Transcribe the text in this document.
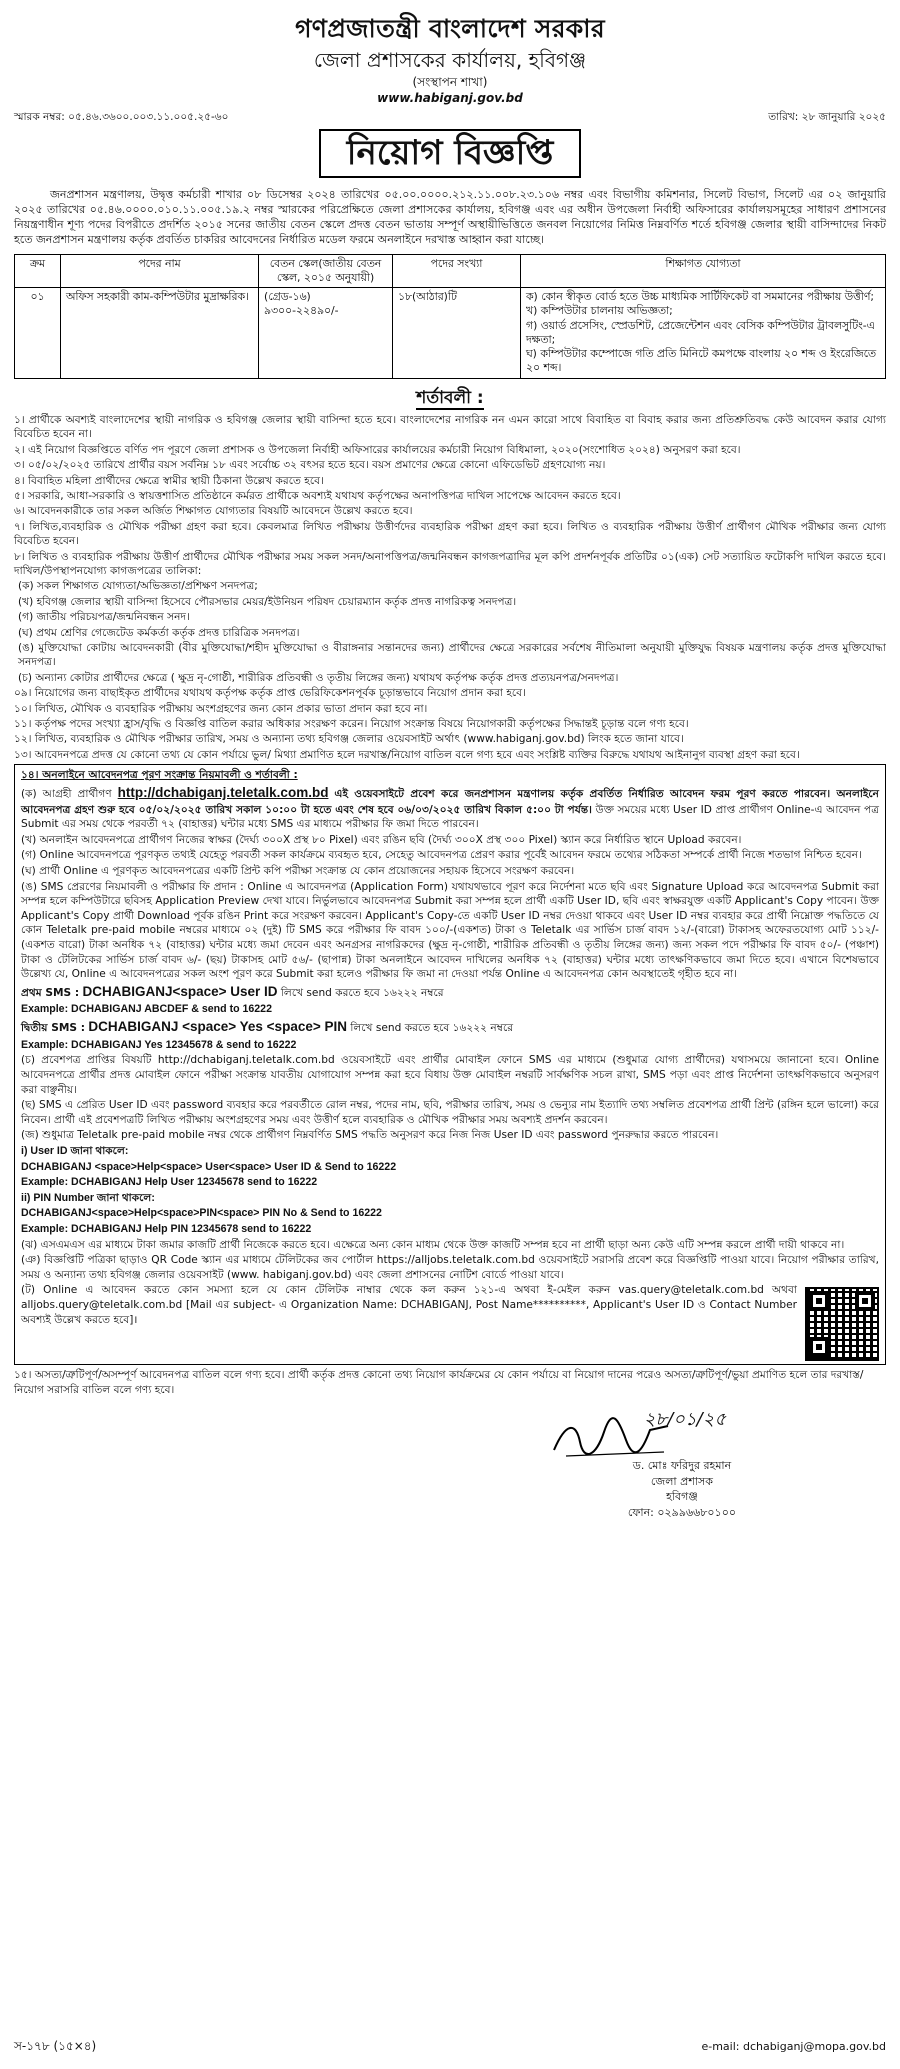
গণপ্রজাতন্ত্রী বাংলাদেশ সরকার
জেলা প্রশাসকের কার্যালয়, হবিগঞ্জ
(সংস্থাপন শাখা)
www.habiganj.gov.bd
স্মারক নম্বর: ০৫.৪৬.৩৬০০.০০৩.১১.০০৫.২৫-৬০	তারিখ: ২৮ জানুয়ারি ২০২৫
নিয়োগ বিজ্ঞপ্তি

জনপ্রশাসন মন্ত্রণালয়, উদ্বৃত্ত কর্মচারী শাখার ০৮ ডিসেম্বর ২০২৪ তারিখের ০৫.০০.০০০০.২১২.১১.০০৮.২৩.১০৬ নম্বর এবং বিভাগীয় কমিশনার, সিলেট বিভাগ, সিলেট এর ০২ জানুয়ারি ২০২৫ তারিখের ০৫.৪৬.০০০০.০১০.১১.০০৫.১৯.২ নম্বর স্মারকের পরিপ্রেক্ষিতে জেলা প্রশাসকের কার্যালয়, হবিগঞ্জ এবং এর অধীন উপজেলা নির্বাহী অফিসারের কার্যালয়সমূহের সাধারণ প্রশাসনের নিয়ন্ত্রণাধীন শূণ্য পদের বিপরীতে প্রদর্শিত ২০১৫ সনের জাতীয় বেতন স্কেলে প্রদত্ত বেতন ভাতায় সম্পূর্ণ অস্থায়ীভিত্তিতে জনবল নিয়োগের নিমিত্ত নিম্নবর্ণিত শর্তে হবিগঞ্জ জেলার স্থায়ী বাসিন্দাদের নিকট হতে জনপ্রশাসন মন্ত্রণালয় কর্তৃক প্রবর্তিত চাকরির আবেদনের নির্ধারিত মডেল ফরমে অনলাইনে দরখাস্ত আহ্বান করা যাচ্ছে।

ক্রম	পদের নাম	বেতন স্কেল(জাতীয় বেতন স্কেল, ২০১৫ অনুযায়ী)	পদের সংখ্যা	শিক্ষাগত যোগ্যতা
০১	অফিস সহকারী কাম-কম্পিউটার মুদ্রাক্ষরিক।	(গ্রেড-১৬) ৯৩০০-২২৪৯০/-	১৮(আঠার)টি	ক) কোন স্বীকৃত বোর্ড হতে উচ্চ মাধ্যমিক সার্টিফিকেট বা সমমানের পরীক্ষায় উত্তীর্ণ;
খ) কম্পিউটার চালনায় অভিজ্ঞতা;
গ) ওয়ার্ড প্রসেসিং, স্প্রেডশিট, প্রেজেন্টেশন এবং বেসিক কম্পিউটার ট্রাবলসুটিং-এ দক্ষতা;
ঘ) কম্পিউটার কম্পোজে গতি প্রতি মিনিটে কমপক্ষে বাংলায় ২০ শব্দ ও ইংরেজিতে ২০ শব্দ।
শর্তাবলী :

১। প্রার্থীকে অবশ্যই বাংলাদেশের স্থায়ী নাগরিক ও হবিগঞ্জ জেলার স্থায়ী বাসিন্দা হতে হবে। বাংলাদেশের নাগরিক নন এমন কারো সাথে বিবাহিত বা বিবাহ করার জন্য প্রতিশ্রুতিবদ্ধ কেউ আবেদন করার যোগ্য বিবেচিত হবেন না।

২। এই নিয়োগ বিজ্ঞপ্তিতে বর্ণিত পদ পূরণে জেলা প্রশাসক ও উপজেলা নির্বাহী অফিসারের কার্যালয়ের কর্মচারী নিয়োগ বিধিমালা, ২০২০(সংশোধিত ২০২৪) অনুসরণ করা হবে।

৩। ০৫/০২/২০২৫ তারিখে প্রার্থীর বয়স সর্বনিম্ন ১৮ এবং সর্বোচ্চ ৩২ বৎসর হতে হবে। বয়স প্রমাণের ক্ষেত্রে কোনো এফিডেভিট গ্রহণযোগ্য নয়।

৪। বিবাহিত মহিলা প্রার্থীদের ক্ষেত্রে স্বামীর স্থায়ী ঠিকানা উল্লেখ করতে হবে।

৫। সরকারি, আধা-সরকারি ও স্বায়ত্তশাসিত প্রতিষ্ঠানে কর্মরত প্রার্থীকে অবশ্যই যথাযথ কর্তৃপক্ষের অনাপত্তিপত্র দাখিল সাপেক্ষে আবেদন করতে হবে।

৬। আবেদনকারীকে তার সকল অর্জিত শিক্ষাগত যোগ্যতার বিষয়টি আবেদনে উল্লেখ করতে হবে।

৭। লিখিত,ব্যবহারিক ও মৌখিক পরীক্ষা গ্রহণ করা হবে। কেবলমাত্র লিখিত পরীক্ষায় উত্তীর্ণদের ব্যবহারিক পরীক্ষা গ্রহণ করা হবে। লিখিত ও ব্যবহারিক পরীক্ষায় উত্তীর্ণ প্রার্থীগণ মৌখিক পরীক্ষার জন্য যোগ্য বিবেচিত হবেন।

৮। লিখিত ও ব্যবহারিক পরীক্ষায় উত্তীর্ণ প্রার্থীদের মৌখিক পরীক্ষার সময় সকল সনদ/অনাপত্তিপত্র/জন্মনিবন্ধন কাগজপত্রাদির মূল কপি প্রদর্শনপূর্বক প্রতিটির ০১(এক) সেট সত্যায়িত ফটোকপি দাখিল করতে হবে। দাখিল/উপস্থাপনযোগ্য কাগজপত্রের তালিকা:

(ক) সকল শিক্ষাগত যোগ্যতা/অভিজ্ঞতা/প্রশিক্ষণ সনদপত্র;

(খ) হবিগঞ্জ জেলার স্থায়ী বাসিন্দা হিসেবে পৌরসভার মেয়র/ইউনিয়ন পরিষদ চেয়ারম্যান কর্তৃক প্রদত্ত নাগরিকত্ব সনদপত্র।

(গ) জাতীয় পরিচয়পত্র/জন্মনিবন্ধন সনদ।

(ঘ) প্রথম শ্রেণির গেজেটেড কর্মকর্তা কর্তৃক প্রদত্ত চারিত্রিক সনদপত্র।

(ঙ) মুক্তিযোদ্ধা কোটায় আবেদনকারী (বীর মুক্তিযোদ্ধা/শহীদ মুক্তিযোদ্ধা ও বীরাঙ্গনার সন্তানদের জন্য) প্রার্থীদের ক্ষেত্রে সরকারের সর্বশেষ নীতিমালা অনুযায়ী মুক্তিযুদ্ধ বিষয়ক মন্ত্রণালয় কর্তৃক প্রদত্ত মুক্তিযোদ্ধা সনদপত্র।

(চ) অন্যান্য কোটার প্রার্থীদের ক্ষেত্রে ( ক্ষুদ্র নৃ-গোষ্ঠী, শারীরিক প্রতিবন্ধী ও তৃতীয় লিঙ্গের জন্য) যথাযথ কর্তৃপক্ষ কর্তৃক প্রদত্ত প্রত্যয়নপত্র/সনদপত্র।

০৯। নিয়োগের জন্য বাছাইকৃত প্রার্থীদের যথাযথ কর্তৃপক্ষ কর্তৃক প্রাপ্ত ভেরিফিকেশনপূর্বক চূড়ান্তভাবে নিয়োগ প্রদান করা হবে।

১০। লিখিত, মৌখিক ও ব্যবহারিক পরীক্ষায় অংশগ্রহণের জন্য কোন প্রকার ভাতা প্রদান করা হবে না।

১১। কর্তৃপক্ষ পদের সংখ্যা হ্রাস/বৃদ্ধি ও বিজ্ঞপ্তি বাতিল করার অধিকার সংরক্ষণ করেন। নিয়োগ সংক্রান্ত বিষয়ে নিয়োগকারী কর্তৃপক্ষের সিদ্ধান্তই চূড়ান্ত বলে গণ্য হবে।

১২। লিখিত, ব্যবহারিক ও মৌখিক পরীক্ষার তারিখ, সময় ও অন্যান্য তথ্য হবিগঞ্জ জেলার ওয়েবসাইট অর্থাৎ (www.habiganj.gov.bd) লিংক হতে জানা যাবে।

১৩। আবেদনপত্রে প্রদত্ত যে কোনো তথ্য যে কোন পর্যায়ে ভুল/ মিথ্যা প্রমাণিত হলে দরখাস্ত/নিয়োগ বাতিল বলে গণ্য হবে এবং সংশ্লিষ্ট ব্যক্তির বিরুদ্ধে যথাযথ আইনানুগ ব্যবস্থা গ্রহণ করা হবে।

১৪। অনলাইনে আবেদনপত্র পূরণ সংক্রান্ত নিয়মাবলী ও শর্তাবলী :

(ক) আগ্রহী প্রার্থীগণ http://dchabiganj.teletalk.com.bd এই ওয়েবসাইটে প্রবেশ করে জনপ্রশাসন মন্ত্রণালয় কর্তৃক প্রবর্তিত নির্ধারিত আবেদন ফরম পূরণ করতে পারবেন। অনলাইনে আবেদনপত্র গ্রহণ শুরু হবে ০৫/০২/২০২৫ তারিখ সকাল ১০:০০ টা হতে এবং শেষ হবে ০৬/০৩/২০২৫ তারিখ বিকাল ৫:০০ টা পর্যন্ত। উক্ত সময়ের মধ্যে User ID প্রাপ্ত প্রার্থীগণ Online-এ আবেদন পত্র Submit এর সময় থেকে পরবর্তী ৭২ (বাহাত্তর) ঘন্টার মধ্যে SMS এর মাধ্যমে পরীক্ষার ফি জমা দিতে পারবেন।

(খ) অনলাইন আবেদনপত্রে প্রার্থীগণ নিজের স্বাক্ষর (দৈর্ঘ্য ৩০০X প্রস্থ ৮০ Pixel) এবং রঙিন ছবি (দৈর্ঘ্য ৩০০X প্রস্থ ৩০০ Pixel) স্ক্যান করে নির্ধারিত স্থানে Upload করবেন।

(গ) Online আবেদনপত্রে পূরণকৃত তথ্যই যেহেতু পরবর্তী সকল কার্যক্রমে ব্যবহৃত হবে, সেহেতু আবেদনপত্র প্রেরণ করার পূর্বেই আবেদন ফরমে তথ্যের সঠিকতা সম্পর্কে প্রার্থী নিজে শতভাগ নিশ্চিত হবেন।

(ঘ) প্রার্থী Online এ পূরণকৃত আবেদনপত্রের একটি প্রিন্ট কপি পরীক্ষা সংক্রান্ত যে কোন প্রয়োজনের সহায়ক হিসেবে সংরক্ষণ করবেন।

(ঙ) SMS প্রেরণের নিয়মাবলী ও পরীক্ষার ফি প্রদান : Online এ আবেদনপত্র (Application Form) যথাযথভাবে পূরণ করে নির্দেশনা মতে ছবি এবং Signature Upload করে আবেদনপত্র Submit করা সম্পন্ন হলে কম্পিউটারে ছবিসহ Application Preview দেখা যাবে। নির্ভুলভাবে আবেদনপত্র Submit করা সম্পন্ন হলে প্রার্থী একটি User ID, ছবি এবং স্বাক্ষরযুক্ত একটি Applicant's Copy পাবেন। উক্ত Applicant's Copy প্রার্থী Download পূর্বক রঙিন Print করে সংরক্ষণ করবেন। Applicant's Copy-তে একটি User ID নম্বর দেওয়া থাকবে এবং User ID নম্বর ব্যবহার করে প্রার্থী নিম্নোক্ত পদ্ধতিতে যে কোন Teletalk pre-paid mobile নম্বরের মাধ্যমে ০২ (দুই) টি SMS করে পরীক্ষার ফি বাবদ ১০০/-(একশত) টাকা ও Teletalk এর সার্ভিস চার্জ বাবদ ১২/-(বারো) টাকাসহ অফেরতযোগ্য মোট ১১২/-(একশত বারো) টাকা অনধিক ৭২ (বাহাত্তর) ঘন্টার মধ্যে জমা দেবেন এবং অনগ্রসর নাগরিকদের (ক্ষুদ্র নৃ-গোষ্ঠী, শারীরিক প্রতিবন্ধী ও তৃতীয় লিঙ্গের জন্য) জন্য সকল পদে পরীক্ষার ফি বাবদ ৫০/- (পঞ্চাশ) টাকা ও টেলিটকের সার্ভিস চার্জ বাবদ ৬/- (ছয়) টাকাসহ মোট ৫৬/- (ছাপান্ন) টাকা অনলাইনে আবেদন দাখিলের অনধিক ৭২ (বাহাত্তর) ঘন্টার মধ্যে তাৎক্ষণিকভাবে জমা দিতে হবে। এখানে বিশেষভাবে উল্লেখ্য যে, Online এ আবেদনপত্রের সকল অংশ পূরণ করে Submit করা হলেও পরীক্ষার ফি জমা না দেওয়া পর্যন্ত Online এ আবেদনপত্র কোন অবস্থাতেই গৃহীত হবে না।

প্রথম SMS : DCHABIGANJ<space> User ID লিখে send করতে হবে ১৬২২২ নম্বরে

Example: DCHABIGANJ ABCDEF & send to 16222

দ্বিতীয় SMS : DCHABIGANJ <space> Yes <space> PIN লিখে send করতে হবে ১৬২২২ নম্বরে

Example: DCHABIGANJ Yes 12345678 & send to 16222

(চ) প্রবেশপত্র প্রাপ্তির বিষয়টি http://dchabiganj.teletalk.com.bd ওয়েবসাইটে এবং প্রার্থীর মোবাইল ফোনে SMS এর মাধ্যমে (শুধুমাত্র যোগ্য প্রার্থীদের) যথাসময়ে জানানো হবে। Online আবেদনপত্রে প্রার্থীর প্রদত্ত মোবাইল ফোনে পরীক্ষা সংক্রান্ত যাবতীয় যোগাযোগ সম্পন্ন করা হবে বিধায় উক্ত মোবাইল নম্বরটি সার্বক্ষণিক সচল রাখা, SMS পড়া এবং প্রাপ্ত নির্দেশনা তাৎক্ষণিকভাবে অনুসরণ করা বাঞ্ছনীয়।

(ছ) SMS এ প্রেরিত User ID এবং password ব্যবহার করে পরবর্তীতে রোল নম্বর, পদের নাম, ছবি, পরীক্ষার তারিখ, সময় ও ভেন্যুর নাম ইত্যাদি তথ্য সম্বলিত প্রবেশপত্র প্রার্থী প্রিন্ট (রঙ্গিন হলে ভালো) করে নিবেন। প্রার্থী এই প্রবেশপত্রটি লিখিত পরীক্ষায় অংশগ্রহণের সময় এবং উত্তীর্ণ হলে ব্যবহারিক ও মৌখিক পরীক্ষার সময় অবশ্যই প্রদর্শন করবেন।

(জ) শুধুমাত্র Teletalk pre-paid mobile নম্বর থেকে প্রার্থীগণ নিম্নবর্ণিত SMS পদ্ধতি অনুসরণ করে নিজ নিজ User ID এবং password পুনরুদ্ধার করতে পারবেন।

i) User ID জানা থাকলে:

DCHABIGANJ <space>Help<space> User<space> User ID & Send to 16222

Example: DCHABIGANJ Help User 12345678 send to 16222

ii) PIN Number জানা থাকলে:

DCHABIGANJ<space>Help<space>PIN<space> PIN No & Send to 16222

Example: DCHABIGANJ Help PIN 12345678 send to 16222

(ঝ) এসএমএস এর মাধ্যমে টাকা জমার কাজটি প্রার্থী নিজেকে করতে হবে। এক্ষেত্রে অন্য কোন মাধ্যম থেকে উক্ত কাজটি সম্পন্ন হবে না প্রার্থী ছাড়া অন্য কেউ এটি সম্পন্ন করলে প্রার্থী দায়ী থাকবে না।

(ঞ) বিজ্ঞপ্তিটি পত্রিকা ছাড়াও QR Code স্ক্যান এর মাধ্যমে টেলিটকের জব পোর্টাল https://alljobs.teletalk.com.bd ওয়েবসাইটে সরাসরি প্রবেশ করে বিজ্ঞপ্তিটি পাওয়া যাবে। নিয়োগ পরীক্ষার তারিখ, সময় ও অন্যান্য তথ্য হবিগঞ্জ জেলার ওয়েবসাইট (www. habiganj.gov.bd) এবং জেলা প্রশাসনের নোটিশ বোর্ডে পাওয়া যাবে।

(ট) Online এ আবেদন করতে কোন সমস্যা হলে যে কোন টেলিটক নাম্বার থেকে কল করুন ১২১-এ অথবা ই-মেইল করুন vas.query@teletalk.com.bd অথবা alljobs.query@teletalk.com.bd [Mail এর subject- এ Organization Name: DCHABIGANJ, Post Name**********, Applicant's User ID ও Contact Number অবশ্যই উল্লেখ করতে হবে]।

১৫। অসত্য/ত্রুটিপূর্ণ/অসম্পূর্ণ আবেদনপত্র বাতিল বলে গণ্য হবে। প্রার্থী কর্তৃক প্রদত্ত কোনো তথ্য নিয়োগ কার্যক্রমের যে কোন পর্যায়ে বা নিয়োগ দানের পরেও অসত্য/ত্রুটিপূর্ণ/ভুয়া প্রমাণিত হলে তার দরখাস্ত/নিয়োগ সরাসরি বাতিল বলে গণ্য হবে।

২৮/০১/২৫
ড. মোঃ ফরিদুর রহমান
জেলা প্রশাসক
হবিগঞ্জ
ফোন: ০২৯৯৬৬৮০১০০
স-১৭৮ (১৫×৪)	e-mail: dchabiganj@mopa.gov.bd
